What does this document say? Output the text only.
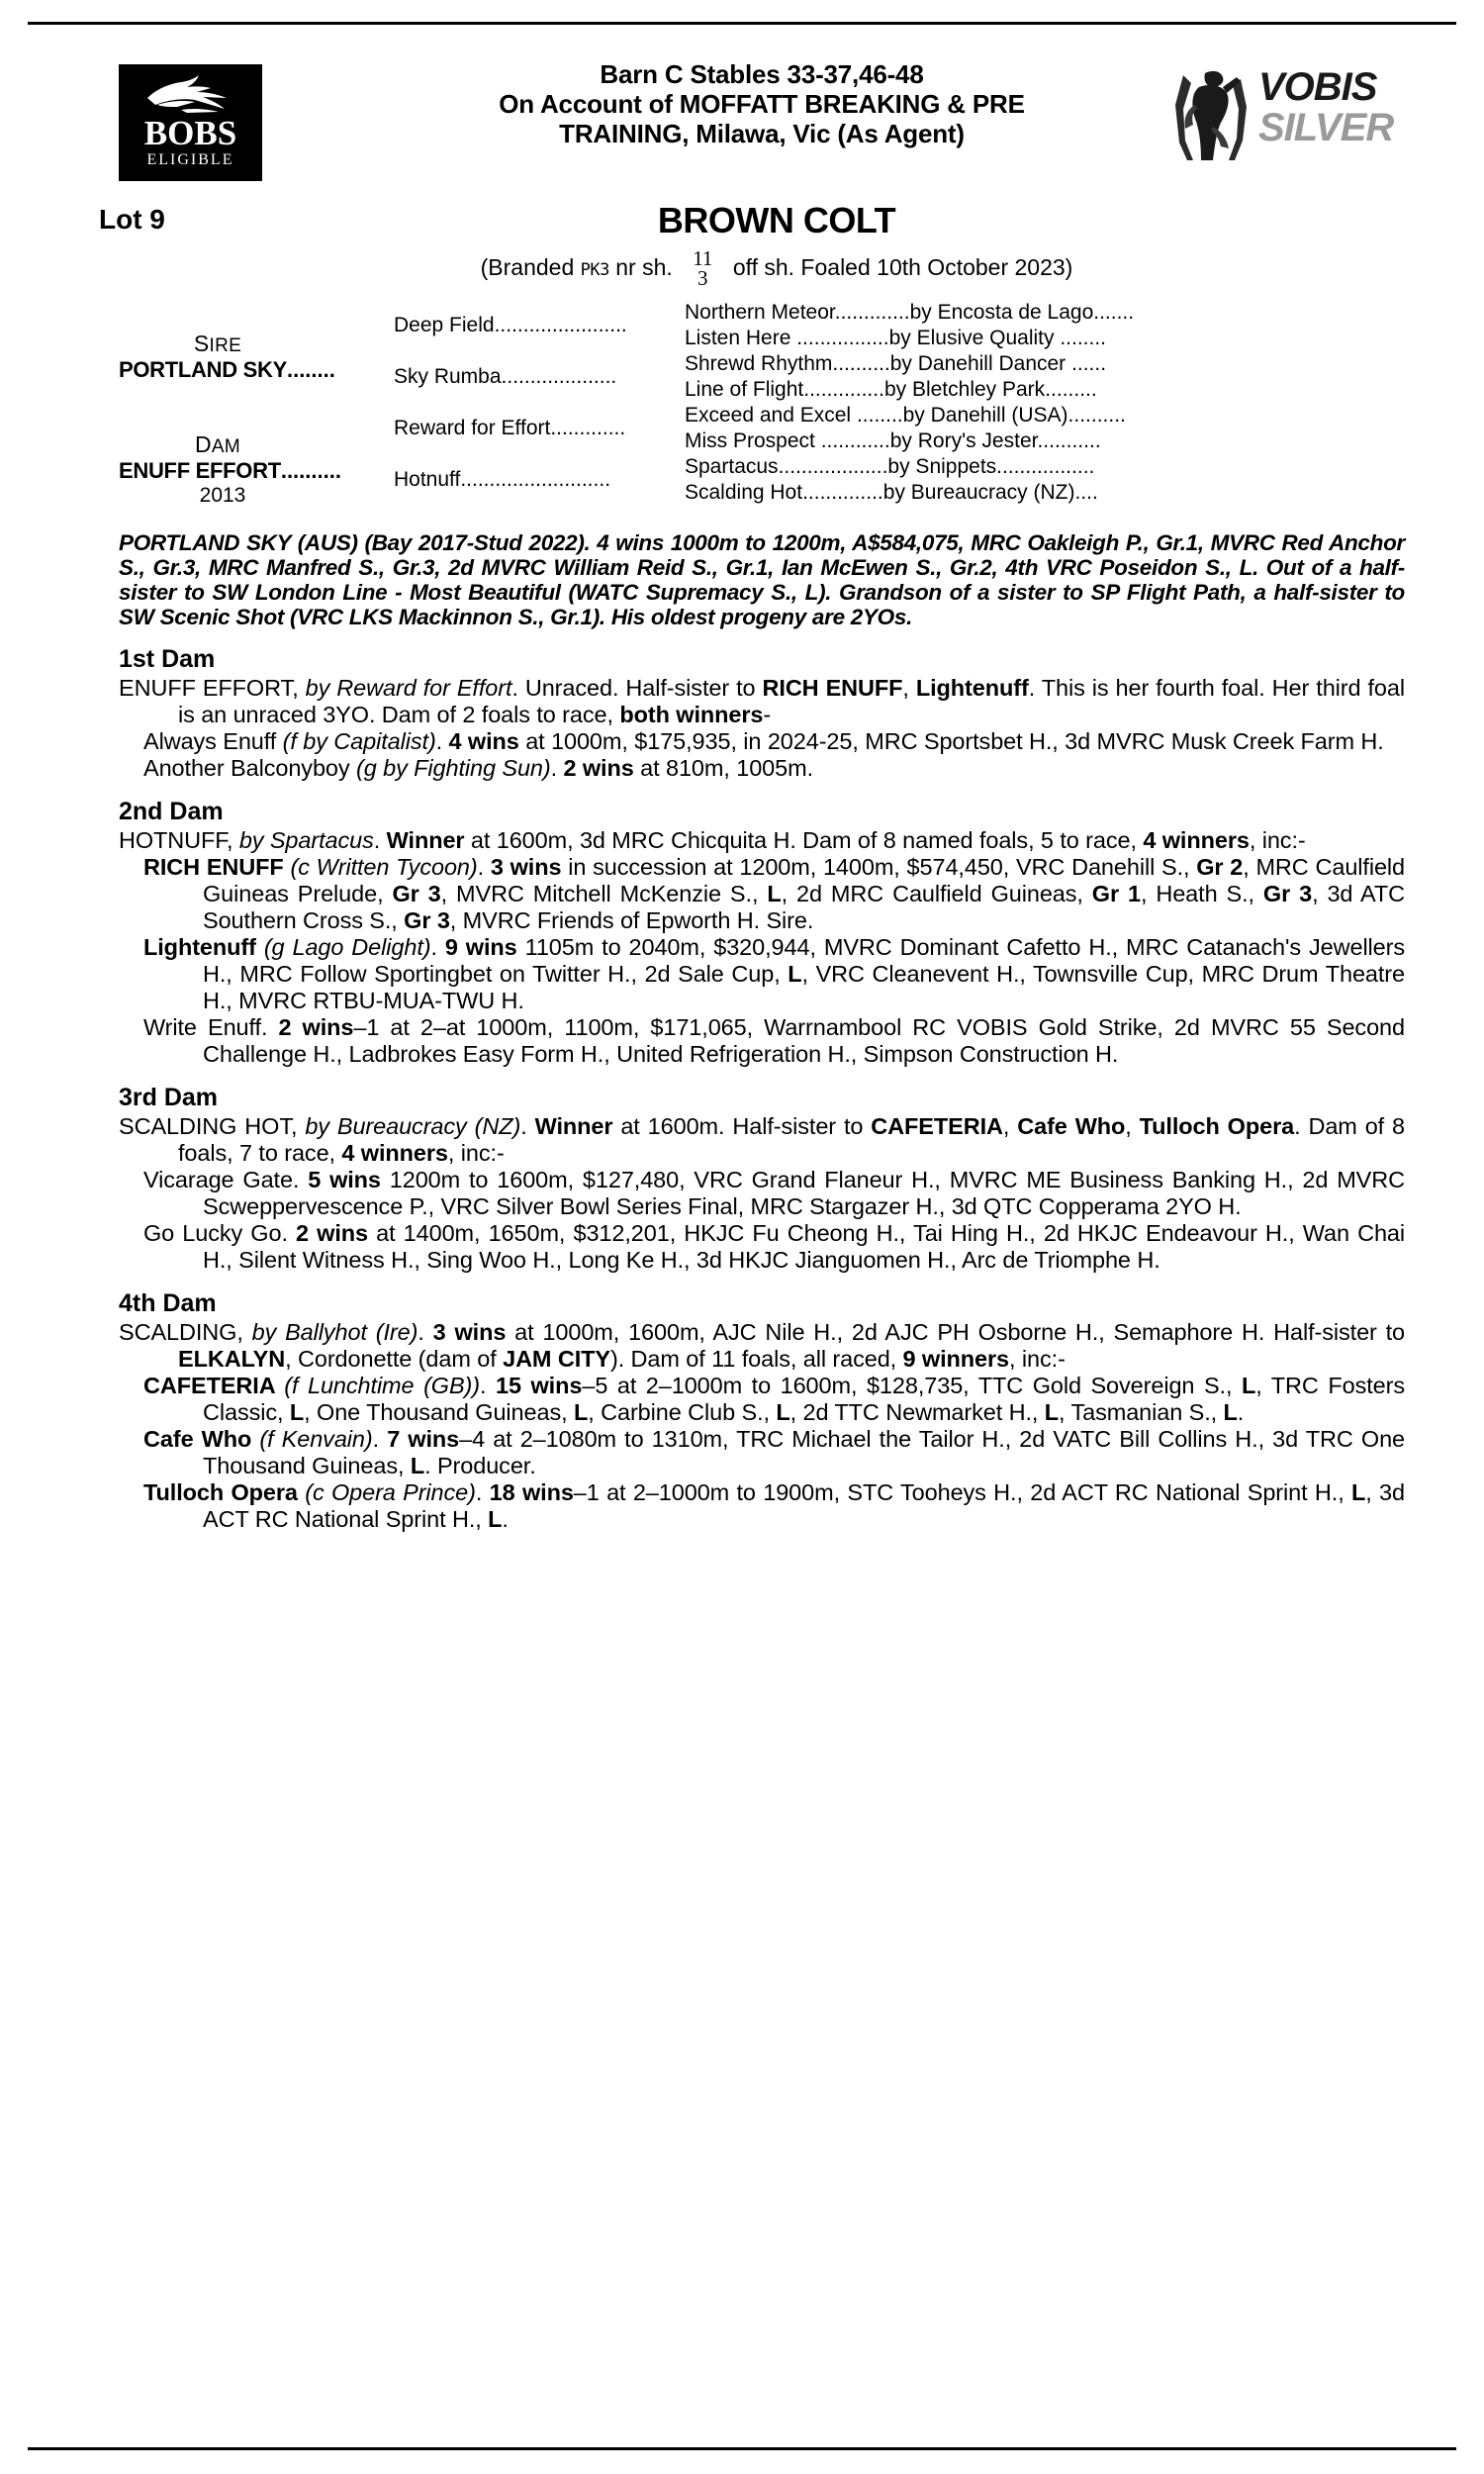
BOBS
ELIGIBLE
Barn C Stables 33-37,46-48
On Account of MOFFATT BREAKING & PRE
TRAINING, Milawa, Vic (As Agent)
VOBIS
SILVER
Lot 9	BROWN COLT
(Branded PK3 nr sh. 11
3 off sh. Foaled 10th October 2023)
SIRE
PORTLAND SKY........
DAM
ENUFF EFFORT..........
2013
Deep Field.......................
Sky Rumba....................
Reward for Effort.............
Hotnuff..........................
Northern Meteor.............by Encosta de Lago.......
Listen Here ................by Elusive Quality ........
Shrewd Rhythm..........by Danehill Dancer ......
Line of Flight..............by Bletchley Park.........
Exceed and Excel ........by Danehill (USA)..........
Miss Prospect ............by Rory's Jester...........
Spartacus...................by Snippets.................
Scalding Hot..............by Bureaucracy (NZ)....
PORTLAND SKY (AUS) (Bay 2017-Stud 2022). 4 wins 1000m to 1200m, A$584,075, MRC Oakleigh P., Gr.1, MVRC Red Anchor S., Gr.3, MRC Manfred S., Gr.3, 2d MVRC William Reid S., Gr.1, Ian McEwen S., Gr.2, 4th VRC Poseidon S., L. Out of a half-sister to SW London Line - Most Beautiful (WATC Supremacy S., L). Grandson of a sister to SP Flight Path, a half-sister to SW Scenic Shot (VRC LKS Mackinnon S., Gr.1). His oldest progeny are 2YOs.
1st Dam
ENUFF EFFORT, by Reward for Effort. Unraced. Half-sister to RICH ENUFF, Lightenuff. This is her fourth foal. Her third foal is an unraced 3YO. Dam of 2 foals to race, both winners-
Always Enuff (f by Capitalist). 4 wins at 1000m, $175,935, in 2024-25, MRC Sportsbet H., 3d MVRC Musk Creek Farm H.
Another Balconyboy (g by Fighting Sun). 2 wins at 810m, 1005m.
2nd Dam
HOTNUFF, by Spartacus. Winner at 1600m, 3d MRC Chicquita H. Dam of 8 named foals, 5 to race, 4 winners, inc:-
RICH ENUFF (c Written Tycoon). 3 wins in succession at 1200m, 1400m, $574,450, VRC Danehill S., Gr 2, MRC Caulfield Guineas Prelude, Gr 3, MVRC Mitchell McKenzie S., L, 2d MRC Caulfield Guineas, Gr 1, Heath S., Gr 3, 3d ATC Southern Cross S., Gr 3, MVRC Friends of Epworth H. Sire.
Lightenuff (g Lago Delight). 9 wins 1105m to 2040m, $320,944, MVRC Dominant Cafetto H., MRC Catanach's Jewellers H., MRC Follow Sportingbet on Twitter H., 2d Sale Cup, L, VRC Cleanevent H., Townsville Cup, MRC Drum Theatre H., MVRC RTBU-MUA-TWU H.
Write Enuff. 2 wins–1 at 2–at 1000m, 1100m, $171,065, Warrnambool RC VOBIS Gold Strike, 2d MVRC 55 Second Challenge H., Ladbrokes Easy Form H., United Refrigeration H., Simpson Construction H.
3rd Dam
SCALDING HOT, by Bureaucracy (NZ). Winner at 1600m. Half-sister to CAFETERIA, Cafe Who, Tulloch Opera. Dam of 8 foals, 7 to race, 4 winners, inc:-
Vicarage Gate. 5 wins 1200m to 1600m, $127,480, VRC Grand Flaneur H., MVRC ME Business Banking H., 2d MVRC Scweppervescence P., VRC Silver Bowl Series Final, MRC Stargazer H., 3d QTC Copperama 2YO H.
Go Lucky Go. 2 wins at 1400m, 1650m, $312,201, HKJC Fu Cheong H., Tai Hing H., 2d HKJC Endeavour H., Wan Chai H., Silent Witness H., Sing Woo H., Long Ke H., 3d HKJC Jianguomen H., Arc de Triomphe H.
4th Dam
SCALDING, by Ballyhot (Ire). 3 wins at 1000m, 1600m, AJC Nile H., 2d AJC PH Osborne H., Semaphore H. Half-sister to ELKALYN, Cordonette (dam of JAM CITY). Dam of 11 foals, all raced, 9 winners, inc:-
CAFETERIA (f Lunchtime (GB)). 15 wins–5 at 2–1000m to 1600m, $128,735, TTC Gold Sovereign S., L, TRC Fosters Classic, L, One Thousand Guineas, L, Carbine Club S., L, 2d TTC Newmarket H., L, Tasmanian S., L.
Cafe Who (f Kenvain). 7 wins–4 at 2–1080m to 1310m, TRC Michael the Tailor H., 2d VATC Bill Collins H., 3d TRC One Thousand Guineas, L. Producer.
Tulloch Opera (c Opera Prince). 18 wins–1 at 2–1000m to 1900m, STC Tooheys H., 2d ACT RC National Sprint H., L, 3d ACT RC National Sprint H., L.
